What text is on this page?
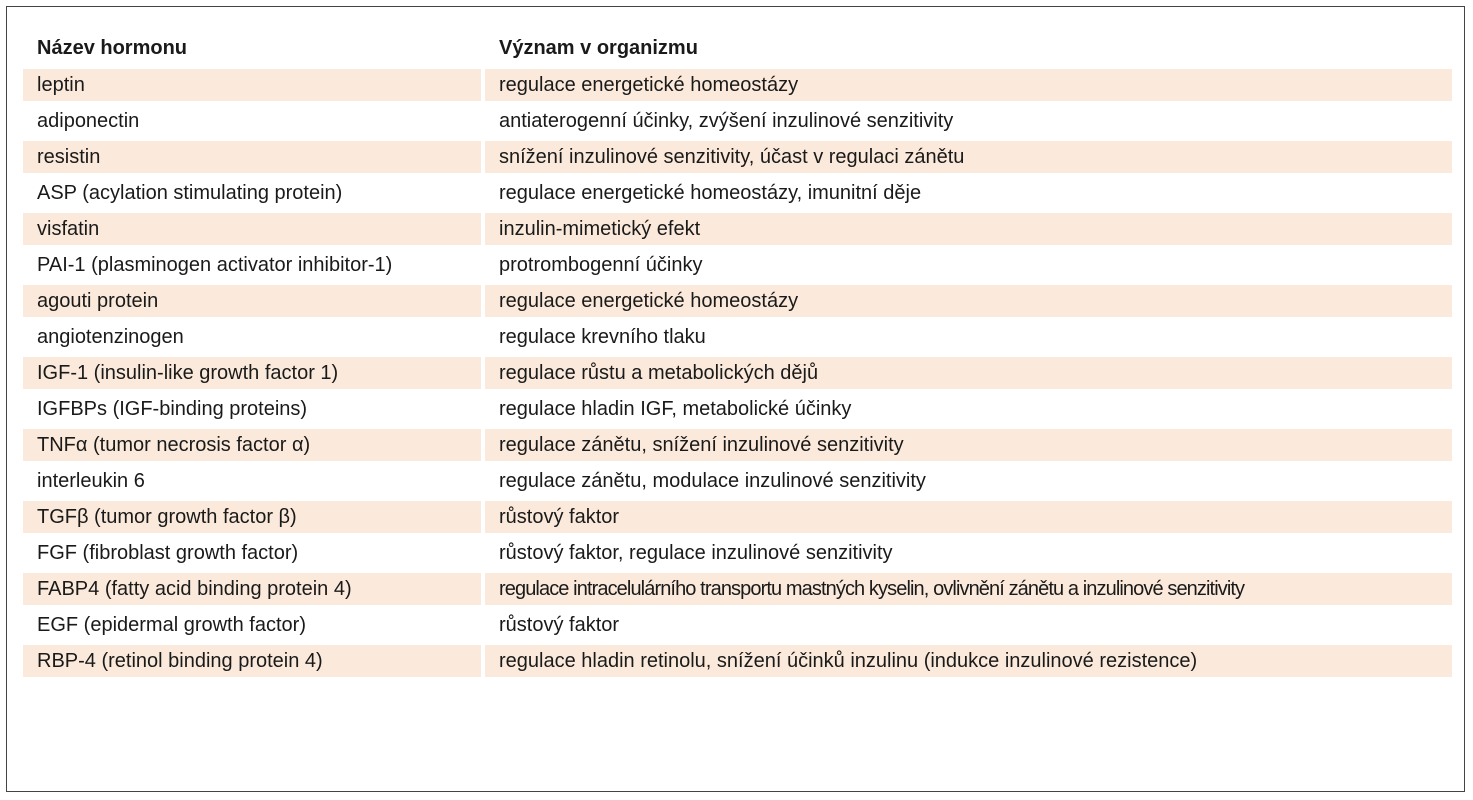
Název hormonu	Význam v organizmu
leptin	regulace energetické homeostázy
adiponectin	antiaterogenní účinky, zvýšení inzulinové senzitivity
resistin	snížení inzulinové senzitivity, účast v regulaci zánětu
ASP (acylation stimulating protein)	regulace energetické homeostázy, imunitní děje
visfatin	inzulin-mimetický efekt
PAI-1 (plasminogen activator inhibitor-1)	protrombogenní účinky
agouti protein	regulace energetické homeostázy
angiotenzinogen	regulace krevního tlaku
IGF-1 (insulin-like growth factor 1)	regulace růstu a metabolických dějů
IGFBPs (IGF-binding proteins)	regulace hladin IGF, metabolické účinky
TNFα (tumor necrosis factor α)	regulace zánětu, snížení inzulinové senzitivity
interleukin 6	regulace zánětu, modulace inzulinové senzitivity
TGFβ (tumor growth factor β)	růstový faktor
FGF (fibroblast growth factor)	růstový faktor, regulace inzulinové senzitivity
FABP4 (fatty acid binding protein 4)	regulace intracelulárního transportu mastných kyselin, ovlivnění zánětu a inzulinové senzitivity
EGF (epidermal growth factor)	růstový faktor
RBP-4 (retinol binding protein 4)	regulace hladin retinolu, snížení účinků inzulinu (indukce inzulinové rezistence)
